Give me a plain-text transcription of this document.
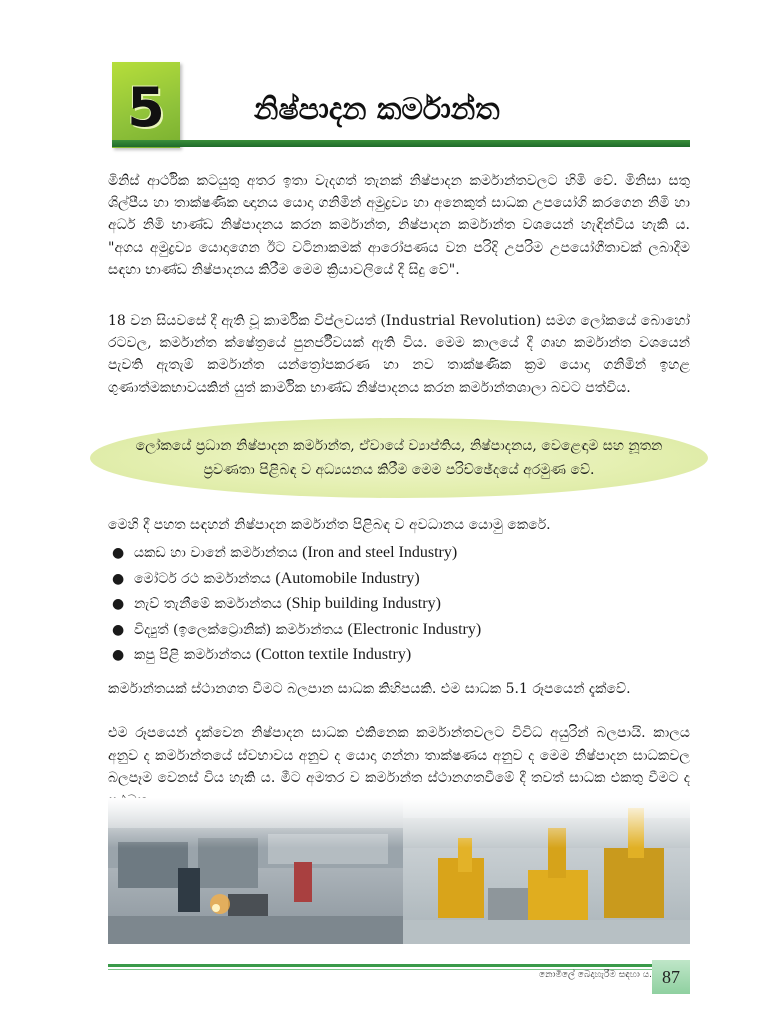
5	නිෂ්පාදන කර්මාන්ත

මිනිස් ආර්ථික කටයුතු අතර ඉතා වැදගත් තැනක් නිෂ්පාදන කර්මාන්තවලට හිමි වේ. මිනිසා සතු ශිල්පීය හා තාක්ෂණික ඥානය යොදා ගනිමින් අමුද්‍රව්‍ය හා අනෙකුත් සාධක උපයෝගි කරගෙන නිමි හා අර්ධ නිමි භාණ්ඩ නිෂ්පාදනය කරන කර්මාන්ත, නිෂ්පාදන කර්මාන්ත වශයෙන් හැඳින්විය හැකි ය. "අගය අමුද්‍රව්‍ය යොදාගෙන ඊට වටිනාකමක් ආරෝපණය වන පරිදි උපරිම උපයෝගීතාවක් ලබාදීම සඳහා භාණ්ඩ නිෂ්පාදනය කිරීම මෙම ක්‍රියාවලියේ දී සිදු වේ".

18 වන සියවසේ දී ඇති වූ කාර්මික විප්ලවයත් (Industrial Revolution) සමග ලෝකයේ බොහෝ රටවල, කර්මාන්ත ක්ෂේත්‍රයේ පුනර්ජීවයක් ඇති විය. මෙම කාලයේ දී ගෘහ කර්මාන්ත වශයෙන් පැවති ඇතැම් කර්මාන්ත යන්ත්‍රෝපකරණ හා නව තාක්ෂණික ක්‍රම යොදා ගනිමින් ඉහළ ගුණාත්මකභාවයකින් යුත් කාර්මික භාණ්ඩ නිෂ්පාදනය කරන කර්මාන්තශාලා බවට පත්විය.

ලෝකයේ ප්‍රධාන නිෂ්පාදන කර්මාන්ත, ඒවායේ ව්‍යාප්තිය, නිෂ්පාදනය, වෙළෙඳාම සහ නූතන ප්‍රවණතා පිළිබඳ ව අධ්‍යයනය කිරීම මෙම පරිච්ඡේදයේ අරමුණ වේ.

මෙහි දී පහත සඳහන් නිෂ්පාදන කර්මාන්ත පිළිබඳ ව අවධානය යොමු කෙරේ.

● යකඩ හා වානේ කර්මාන්තය (Iron and steel Industry)
● මෝටර් රථ කර්මාන්තය (Automobile Industry)
● නැව් තැනීමේ කර්මාන්තය (Ship building Industry)
● විද්‍යුත් (ඉලෙක්ට්‍රොනික්) කර්මාන්තය (Electronic Industry)
● කපු පිළි කර්මාන්තය (Cotton textile Industry)

කර්මාන්තයක් ස්ථානගත වීමට බලපාන සාධක කිහිපයකි. එම සාධක 5.1 රූපයෙන් දැක්වේ.

එම රූපයෙන් දැක්වෙන නිෂ්පාදන සාධක එකිනෙක කර්මාන්තවලට විවිධ අයුරින් බලපායි. කාලය අනුව ද කර්මාන්තයේ ස්වභාවය අනුව ද යොදා ගන්නා තාක්ෂණය අනුව ද මෙම නිෂ්පාදන සාධකවල බලපෑම වෙනස් විය හැකි ය. මීට අමතර ව කර්මාන්ත ස්ථානගතවීමේ දී තවත් සාධක එකතු වීමට ද

නොමිලේ බෙදාහැරීම සඳහා ය. 87
